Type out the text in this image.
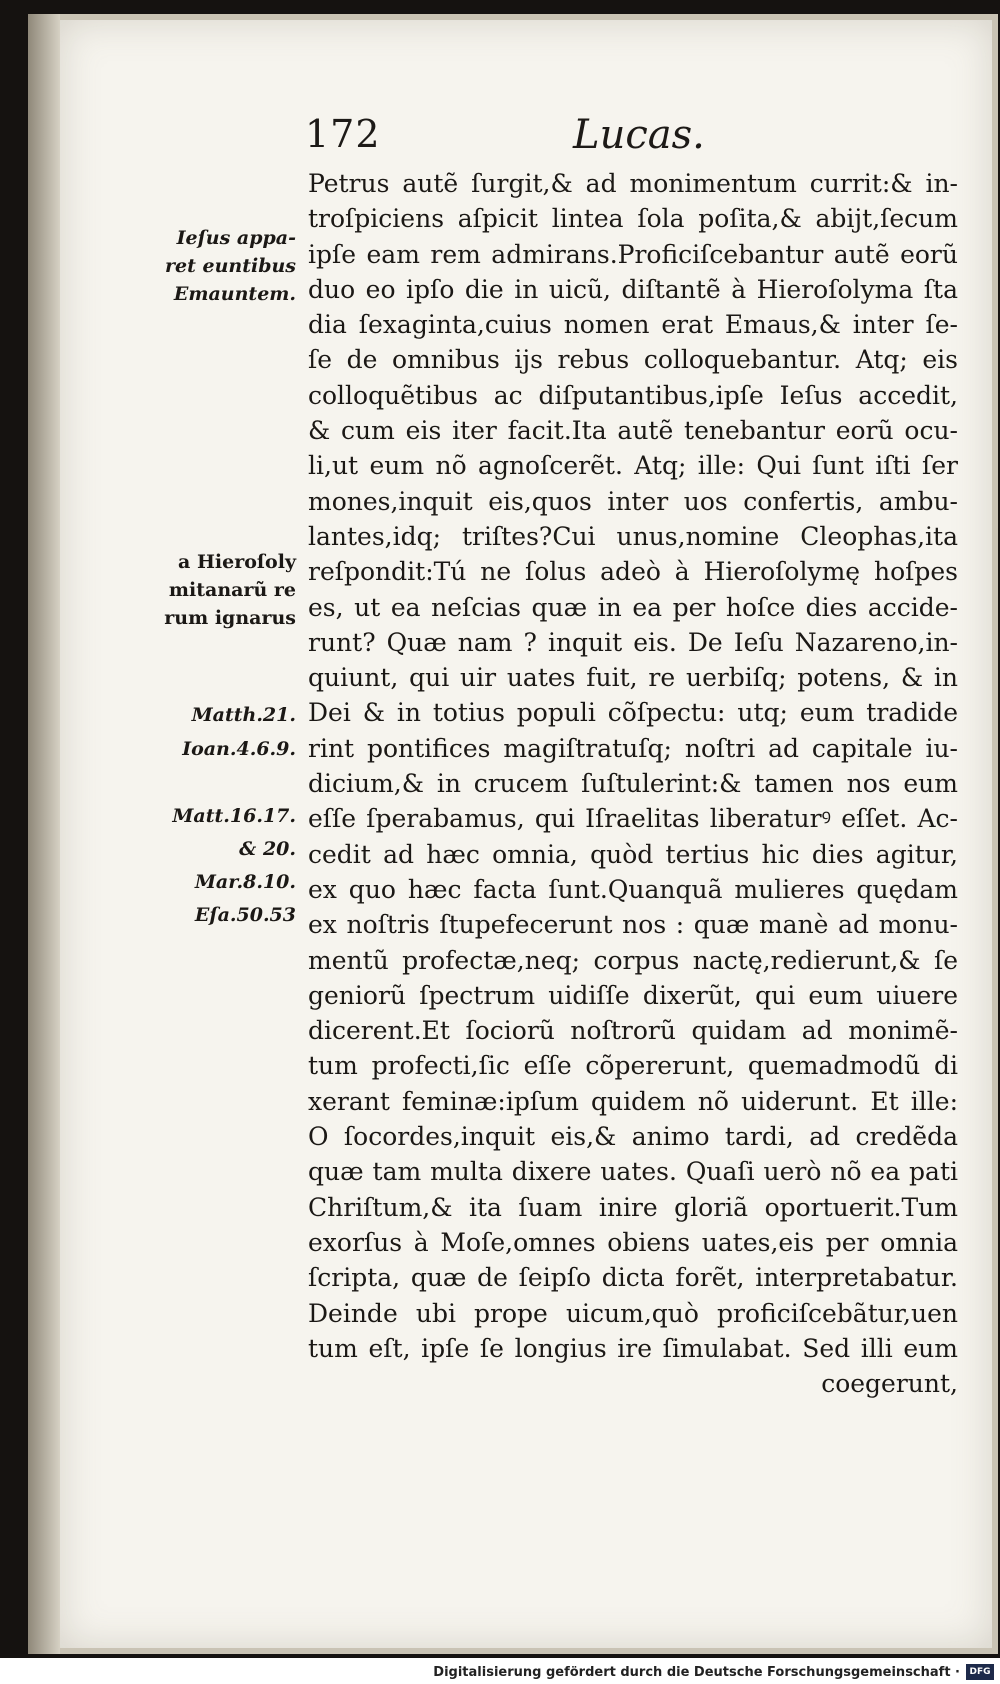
172	Lucas.
Petrus autẽ ſurgit,& ad monimentum currit:& in-
troſpiciens aſpicit lintea ſola poſita,& abijt,ſecum
ipſe eam rem admirans.Proficiſcebantur autẽ eorũ
duo eo ipſo die in uicũ, diſtantẽ à Hieroſolyma ſta
dia ſexaginta,cuius nomen erat Emaus,& inter ſe-
ſe de omnibus ijs rebus colloquebantur. Atq; eis
colloquẽtibus ac diſputantibus,ipſe Ieſus accedit,
& cum eis iter facit.Ita autẽ tenebantur eorũ ocu-
li,ut eum nõ agnoſcerẽt. Atq; ille: Qui ſunt iſti ſer
mones,inquit eis,quos inter uos confertis, ambu-
lantes,idq; triſtes?Cui unus,nomine Cleophas,ita
reſpondit:Tú ne ſolus adeò à Hieroſolymę hoſpes
es, ut ea neſcias quæ in ea per hoſce dies accide-
runt? Quæ nam ? inquit eis. De Ieſu Nazareno,in-
quiunt, qui uir uates fuit, re uerbiſq; potens, & in
Dei & in totius populi cõſpectu: utq; eum tradide
rint pontifices magiſtratuſq; noſtri ad capitale iu-
dicium,& in crucem ſuſtulerint:& tamen nos eum
eſſe ſperabamus, qui Iſraelitas liberaturꝰ eſſet. Ac-
cedit ad hæc omnia, quòd tertius hic dies agitur,
ex quo hæc facta ſunt.Quanquã mulieres quędam
ex noſtris ſtupefecerunt nos : quæ manè ad monu-
mentũ profectæ,neq; corpus nactę,redierunt,& ſe
geniorũ ſpectrum uidiſſe dixerũt, qui eum uiuere
dicerent.Et ſociorũ noſtrorũ quidam ad monimẽ-
tum profecti,ſic eſſe cõpererunt, quemadmodũ di
xerant feminæ:ipſum quidem nõ uiderunt. Et ille:
O ſocordes,inquit eis,& animo tardi, ad credẽda
quæ tam multa dixere uates. Quaſi uerò nõ ea pati
Chriſtum,& ita ſuam inire gloriã oportuerit.Tum
exorſus à Moſe,omnes obiens uates,eis per omnia
ſcripta, quæ de ſeipſo dicta forẽt, interpretabatur.
Deinde ubi prope uicum,quò proficiſcebãtur,uen
tum eſt, ipſe ſe longius ire ſimulabat. Sed illi eum
coegerunt,
Ieſus appa-
ret euntibus
Emauntem.
a Hieroſoly
mitanarũ re
rum ignarus
Matth.21.
Ioan.4.6.9.
Matt.16.17.
& 20.
Mar.8.10.
Eſa.50.53
Digitalisierung gefördert durch die Deutsche Forschungsgemeinschaft ·	DFG
